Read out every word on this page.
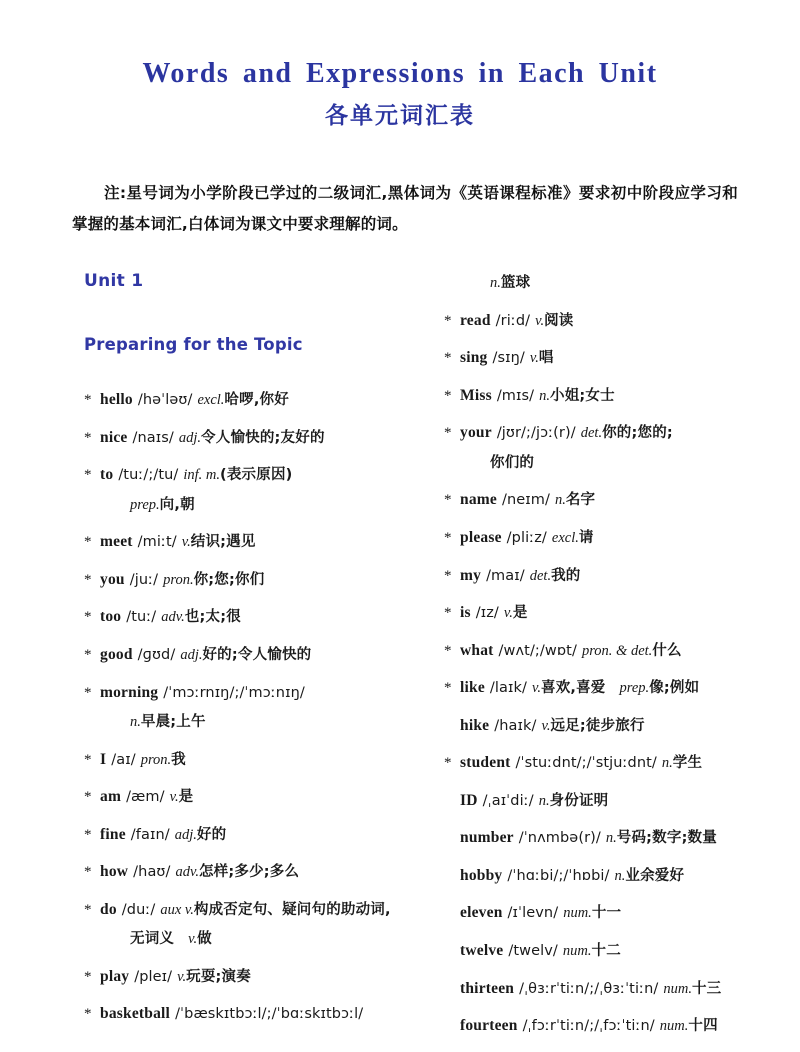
Words and Expressions in Each Unit
各单元词汇表
注:星号词为小学阶段已学过的二级词汇,黑体词为《英语课程标准》要求初中阶段应学习和掌握的基本词汇,白体词为课文中要求理解的词。
Unit 1
Preparing for the Topic
* hello /həˈləʊ/ excl.哈啰,你好
* nice /naɪs/ adj.令人愉快的;友好的
* to /tuː/;/tu/ inf. m.(表示原因)
prep.向,朝
* meet /miːt/ v.结识;遇见
* you /juː/ pron.你;您;你们
* too /tuː/ adv.也;太;很
* good /ɡʊd/ adj.好的;令人愉快的
* morning /ˈmɔːrnɪŋ/;/ˈmɔːnɪŋ/
n.早晨;上午
* I /aɪ/ pron.我
* am /æm/ v.是
* fine /faɪn/ adj.好的
* how /haʊ/ adv.怎样;多少;多么
* do /duː/ aux v.构成否定句、疑问句的助动词,
无词义 v.做
* play /pleɪ/ v.玩耍;演奏
* basketball /ˈbæskɪtbɔːl/;/ˈbɑːskɪtbɔːl/
n.篮球
* read /riːd/ v.阅读
* sing /sɪŋ/ v.唱
* Miss /mɪs/ n.小姐;女士
* your /jʊr/;/jɔː(r)/ det.你的;您的;
你们的
* name /neɪm/ n.名字
* please /pliːz/ excl.请
* my /maɪ/ det.我的
* is /ɪz/ v.是
* what /wʌt/;/wɒt/ pron. & det.什么
* like /laɪk/ v.喜欢,喜爱 prep.像;例如
hike /haɪk/ v.远足;徒步旅行
* student /ˈstuːdnt/;/ˈstjuːdnt/ n.学生
ID /ˌaɪˈdiː/ n.身份证明
number /ˈnʌmbə(r)/ n.号码;数字;数量
hobby /ˈhɑːbi/;/ˈhɒbi/ n.业余爱好
eleven /ɪˈlevn/ num.十一
twelve /twelv/ num.十二
thirteen /ˌθɜːrˈtiːn/;/ˌθɜːˈtiːn/ num.十三
fourteen /ˌfɔːrˈtiːn/;/ˌfɔːˈtiːn/ num.十四
